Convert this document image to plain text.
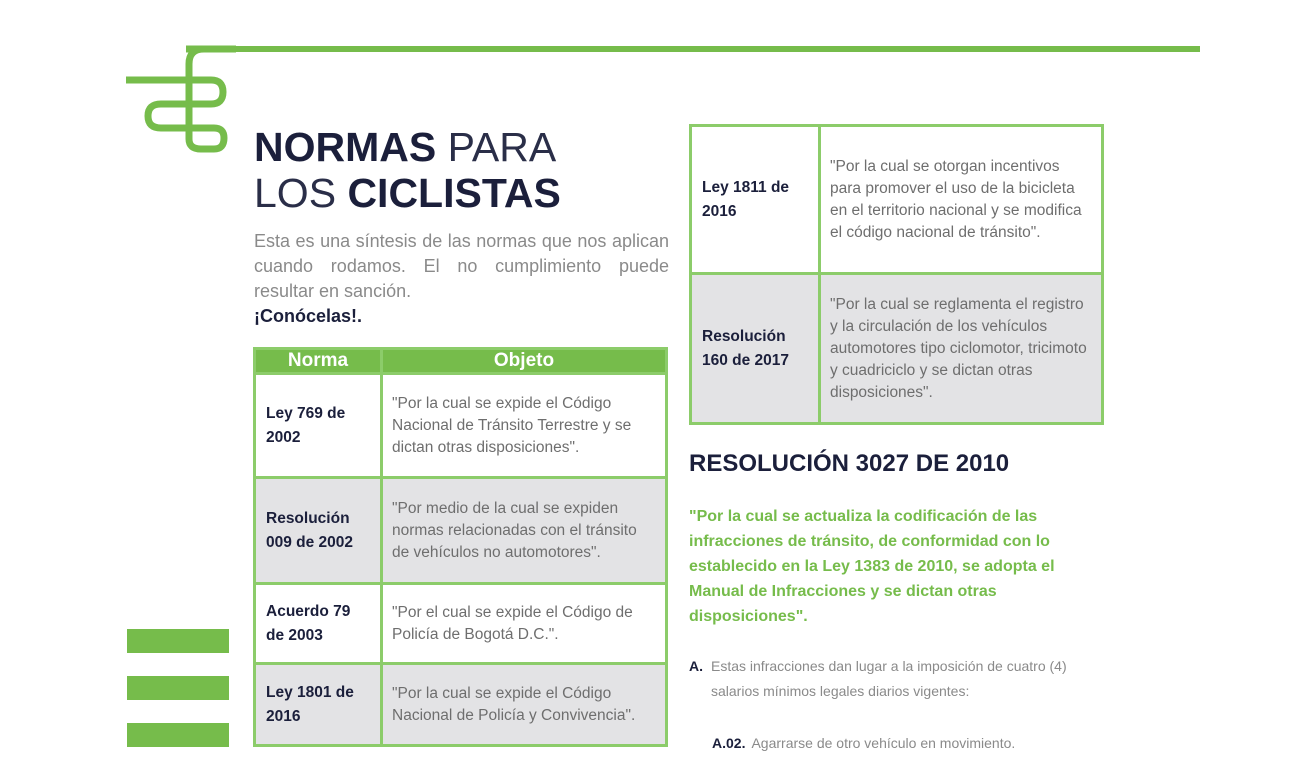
NORMAS PARA
LOS CICLISTAS
Esta es una síntesis de las normas que nos aplican cuando rodamos. El no cumplimiento puede resultar en sanción.
¡Conócelas!.
Norma	Objeto
Ley 769 de 2002	"Por la cual se expide el Código Nacional de Tránsito Terrestre y se dictan otras disposiciones".
Resolución 009 de 2002	"Por medio de la cual se expiden normas relacionadas con el tránsito de vehículos no automotores".
Acuerdo 79 de 2003	"Por el cual se expide el Código de Policía de Bogotá D.C.".
Ley 1801 de 2016	"Por la cual se expide el Código Nacional de Policía y Convivencia".
Ley 1811 de 2016	"Por la cual se otorgan incentivos para promover el uso de la bicicleta en el territorio nacional y se modifica el código nacional de tránsito".
Resolución 160 de 2017	"Por la cual se reglamenta el registro y la circulación de los vehículos automotores tipo ciclomotor, tricimoto y cuadriciclo y se dictan otras disposiciones".
RESOLUCIÓN 3027 DE 2010
"Por la cual se actualiza la codificación de las infracciones de tránsito, de conformidad con lo establecido en la Ley 1383 de 2010, se adopta el Manual de Infracciones y se dictan otras disposiciones".
A. Estas infracciones dan lugar a la imposición de cuatro (4) salarios mínimos legales diarios vigentes:
A.02. Agarrarse de otro vehículo en movimiento.
